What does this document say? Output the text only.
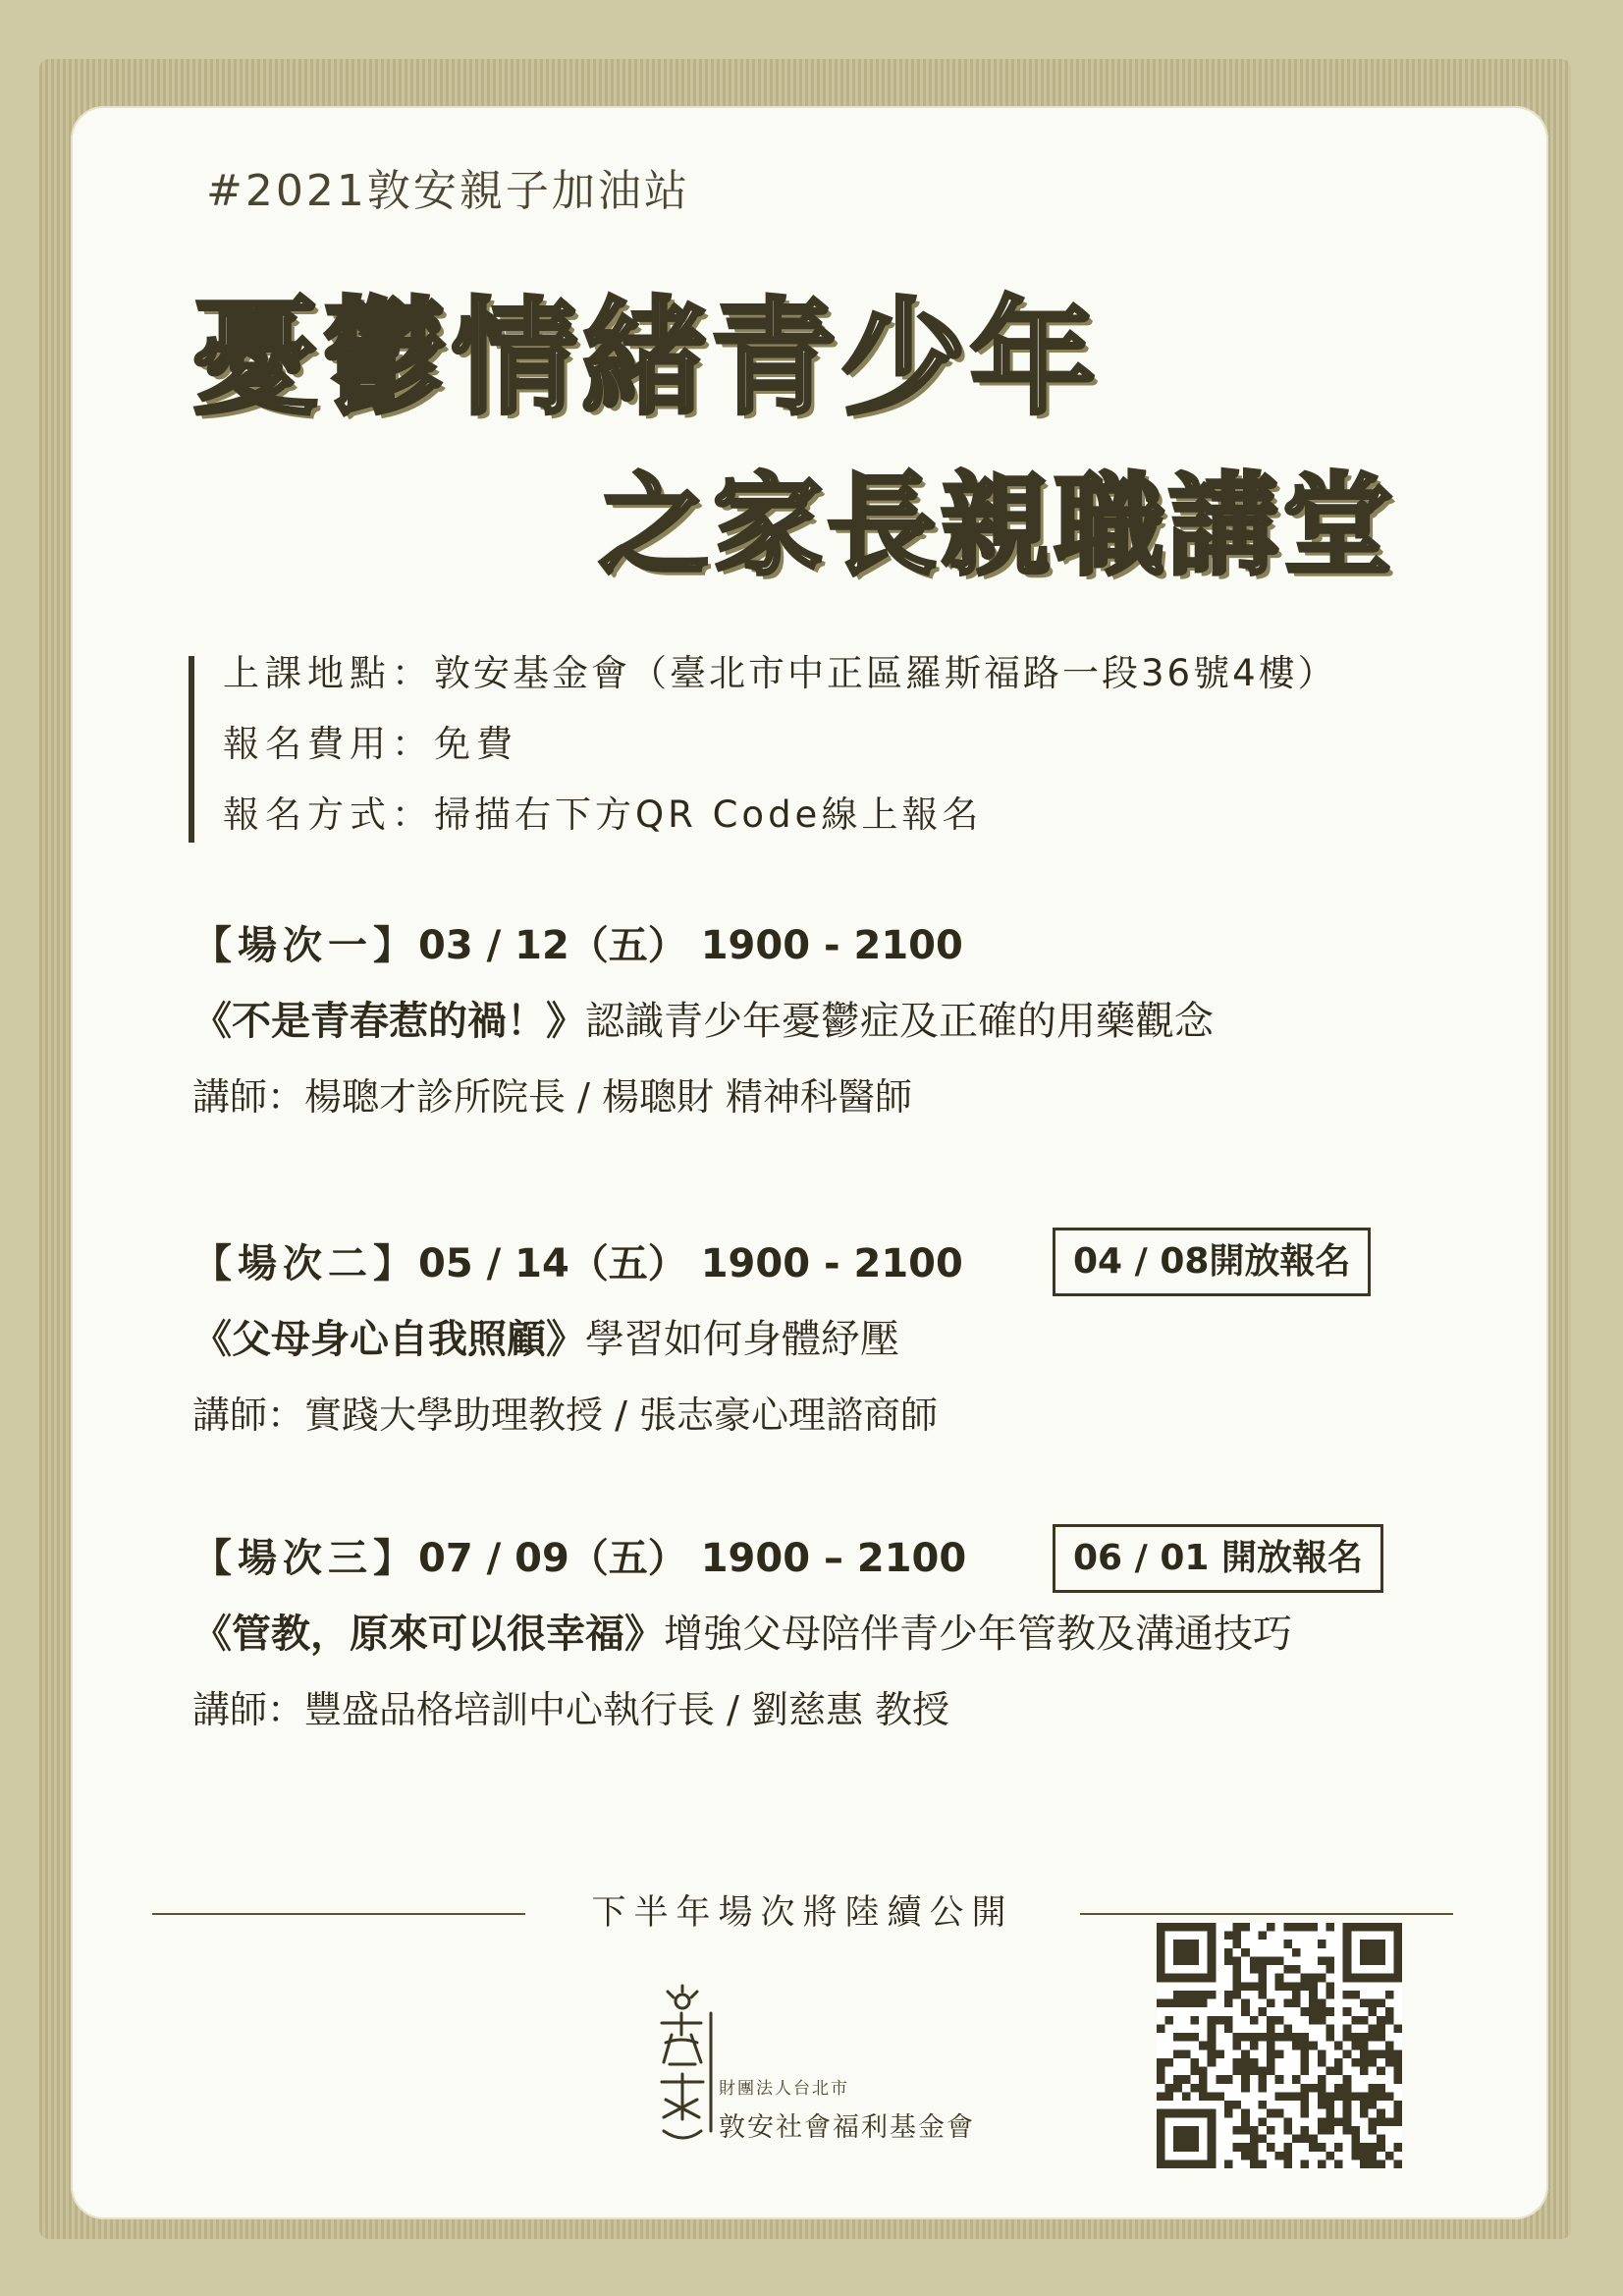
#2021敦安親子加油站
憂鬱情緒青少年
之家長親職講堂
上課地點：敦安基金會（臺北市中正區羅斯福路一段36號4樓）
報名費用：免費
報名方式：掃描右下方QR Code線上報名
【場次一】03 / 12（五） 1900 - 2100
《不是青春惹的禍！》認識青少年憂鬱症及正確的用藥觀念
講師：楊聰才診所院長 / 楊聰財 精神科醫師
【場次二】05 / 14（五） 1900 - 2100
《父母身心自我照顧》學習如何身體紓壓
講師：實踐大學助理教授 / 張志豪心理諮商師
04 / 08開放報名
【場次三】07 / 09（五） 1900 – 2100
《管教，原來可以很幸福》增強父母陪伴青少年管教及溝通技巧
講師：豐盛品格培訓中心執行長 / 劉慈惠 教授
06 / 01 開放報名
下半年場次將陸續公開
財團法人台北市
敦安社會福利基金會
